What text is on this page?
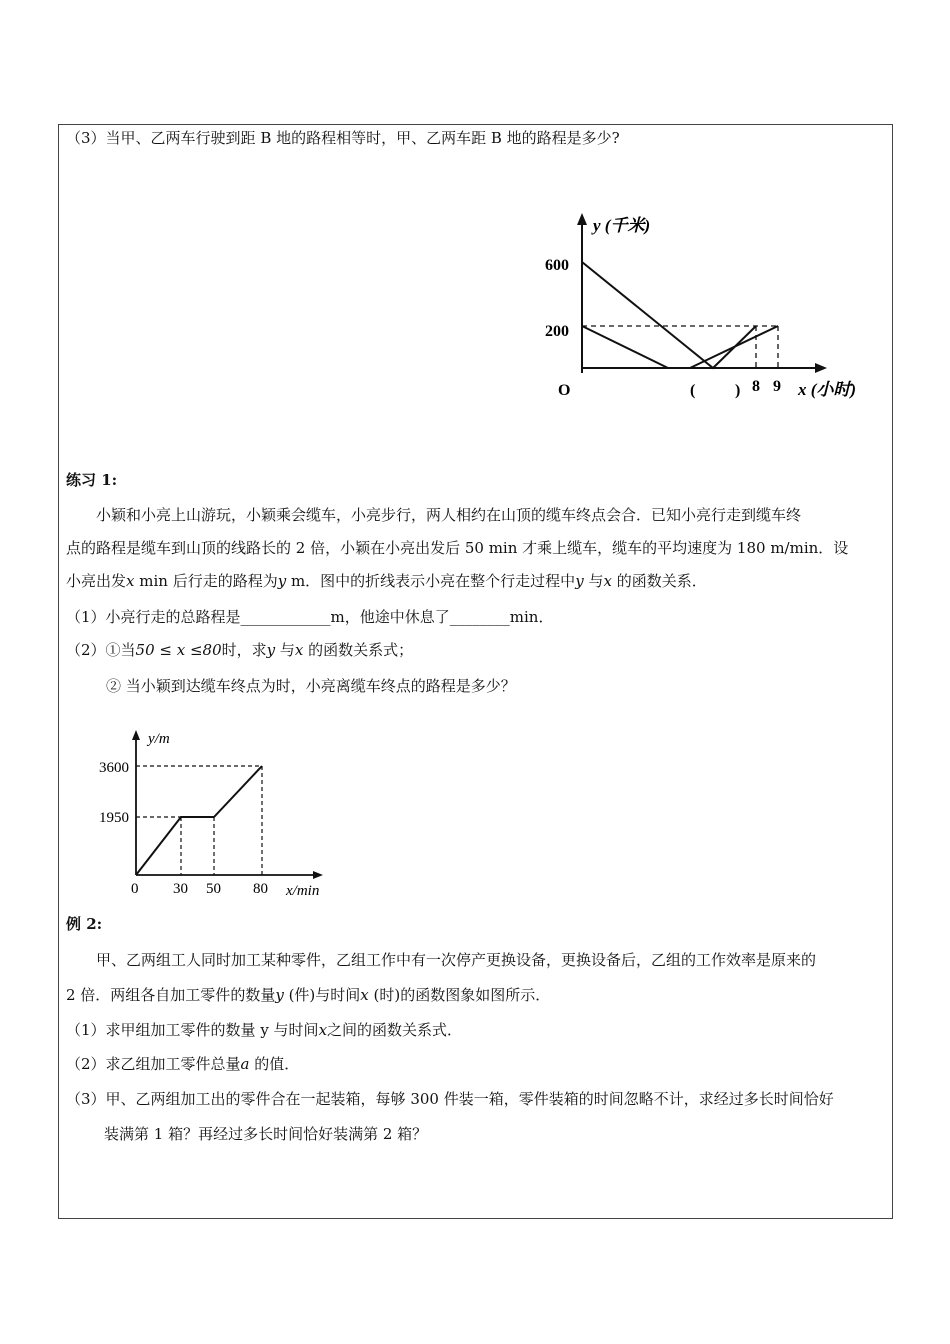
（3）当甲、乙两车行驶到距 B 地的路程相等时，甲、乙两车距 B 地的路程是多少?
y (千米)
x (小时)
O
600
200
( ) 8 9
练习 1:
小颖和小亮上山游玩，小颖乘会缆车，小亮步行，两人相约在山顶的缆车终点会合．已知小亮行走到缆车终
点的路程是缆车到山顶的线路长的 2 倍，小颖在小亮出发后 50 min 才乘上缆车，缆车的平均速度为 180 m/min．设
小亮出发x min 后行走的路程为y m．图中的折线表示小亮在整个行走过程中y 与x 的函数关系．
（1）小亮行走的总路程是____________m，他途中休息了________min．
（2）①当50 ≤ x ≤80时，求y 与x 的函数关系式；
② 当小颖到达缆车终点为时，小亮离缆车终点的路程是多少？
y/m
x/min
3600
1950
0 30 50 80
例 2:
甲、乙两组工人同时加工某种零件，乙组工作中有一次停产更换设备，更换设备后，乙组的工作效率是原来的
2 倍．两组各自加工零件的数量y (件)与时间x (时)的函数图象如图所示．
（1）求甲组加工零件的数量 y 与时间x之间的函数关系式．
（2）求乙组加工零件总量a 的值．
（3）甲、乙两组加工出的零件合在一起装箱，每够 300 件装一箱，零件装箱的时间忽略不计，求经过多长时间恰好
装满第 1 箱？再经过多长时间恰好装满第 2 箱？
